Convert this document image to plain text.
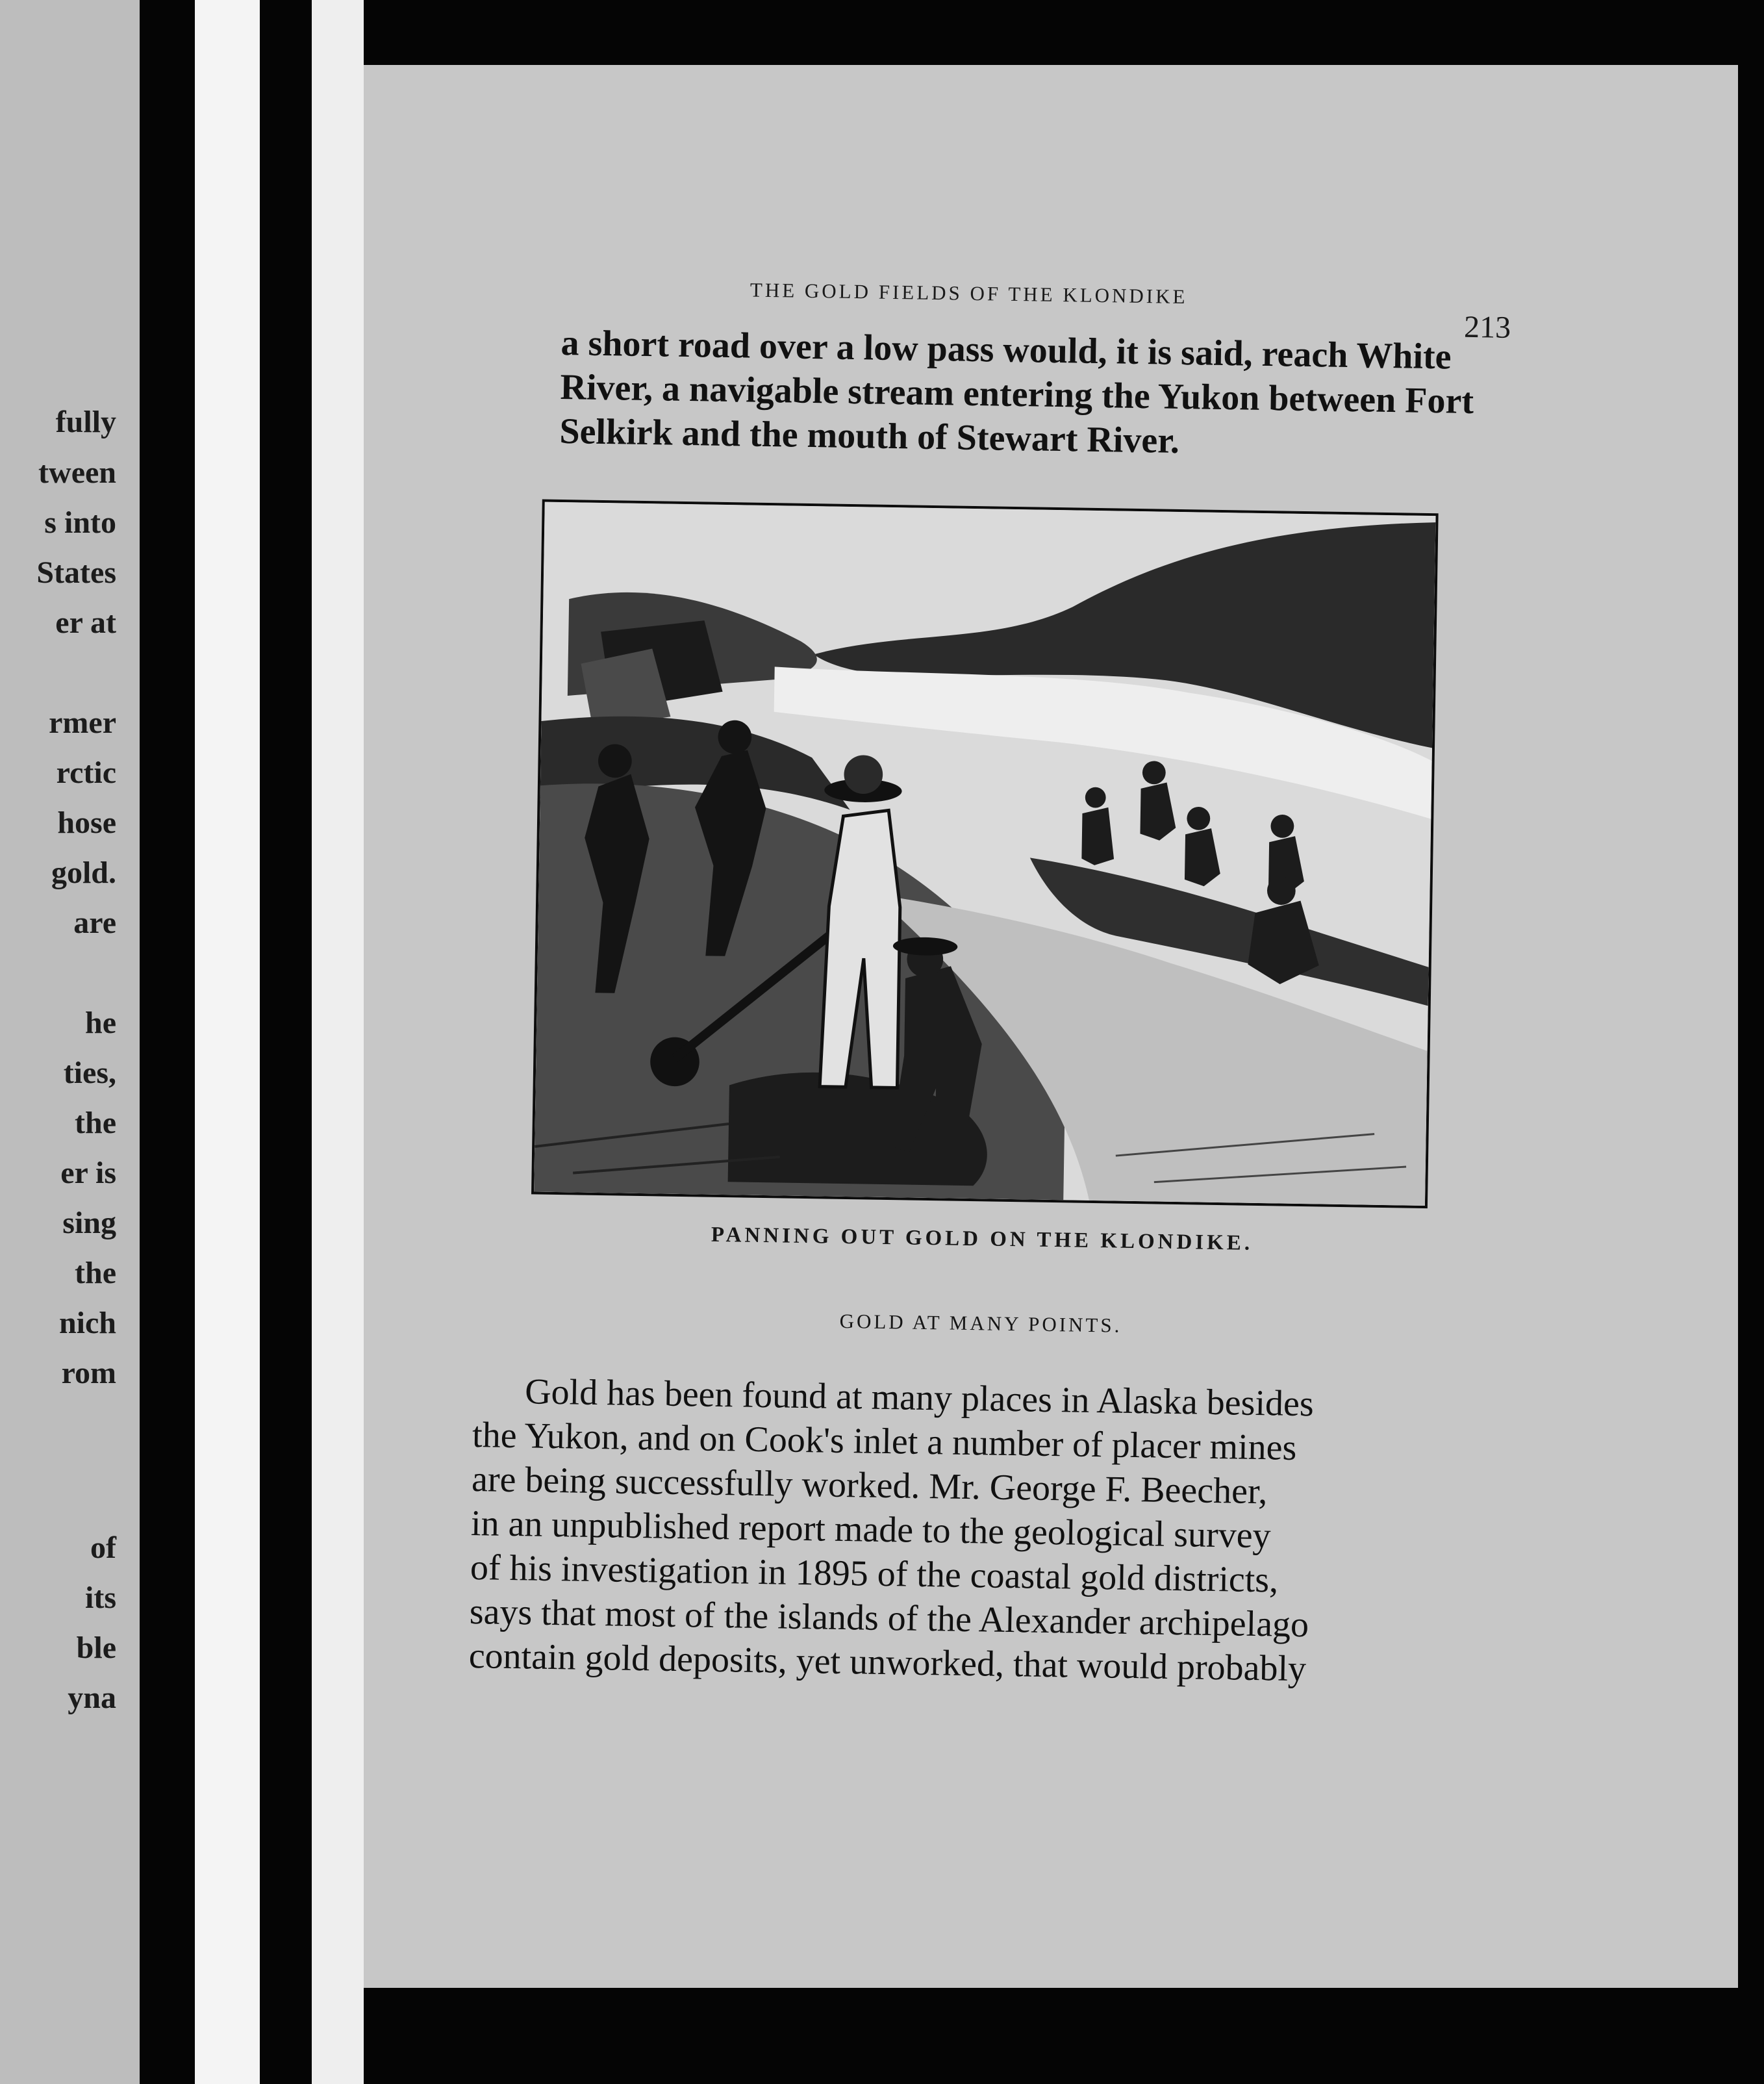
fully

tween

s into

States

er at

rmer

rctic

hose

gold.

are

he

ties,

the

er is

sing

the

nich

rom

of

its

ble

yna

THE GOLD FIELDS OF THE KLONDIKE

213

a short road over a low pass would, it is said, reach White
River, a navigable stream entering the Yukon between Fort
Selkirk and the mouth of Stewart River.

PANNING OUT GOLD ON THE KLONDIKE.

GOLD AT MANY POINTS.

Gold has been found at many places in Alaska besides
the Yukon, and on Cook's inlet a number of placer mines
are being successfully worked. Mr. George F. Beecher,
in an unpublished report made to the geological survey
of his investigation in 1895 of the coastal gold districts,
says that most of the islands of the Alexander archipelago
contain gold deposits, yet unworked, that would probably
